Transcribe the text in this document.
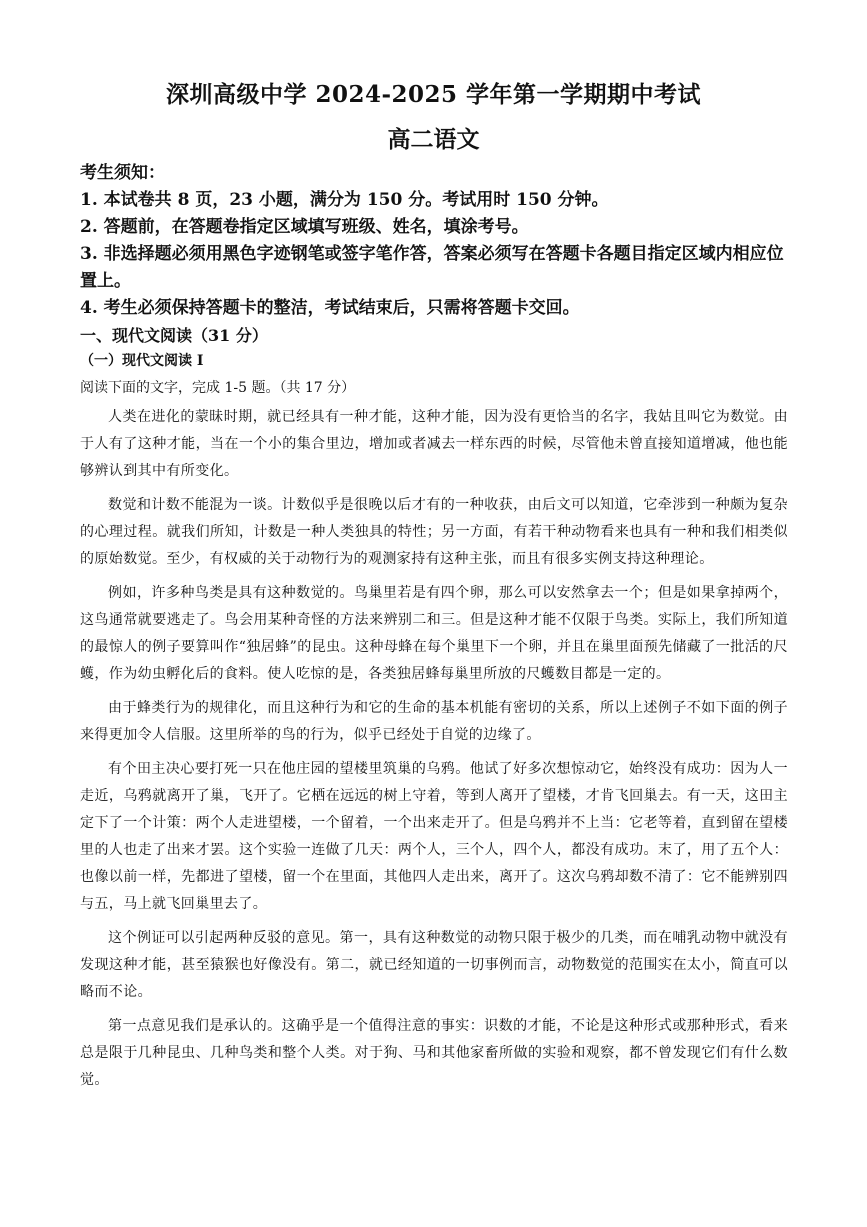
深圳高级中学 2024-2025 学年第一学期期中考试
高二语文

考生须知：

1. 本试卷共 8 页，23 小题，满分为 150 分。考试用时 150 分钟。

2. 答题前，在答题卷指定区域填写班级、姓名，填涂考号。

3. 非选择题必须用黑色字迹钢笔或签字笔作答，答案必须写在答题卡各题目指定区域内相应位置上。

4. 考生必须保持答题卡的整洁，考试结束后，只需将答题卡交回。

一、现代文阅读（31 分）
（一）现代文阅读 I
阅读下面的文字，完成 1-5 题。（共 17 分）

人类在进化的蒙昧时期，就已经具有一种才能，这种才能，因为没有更恰当的名字，我姑且叫它为数觉。由于人有了这种才能，当在一个小的集合里边，增加或者减去一样东西的时候，尽管他未曾直接知道增减，他也能够辨认到其中有所变化。

数觉和计数不能混为一谈。计数似乎是很晚以后才有的一种收获，由后文可以知道，它牵涉到一种颇为复杂的心理过程。就我们所知，计数是一种人类独具的特性；另一方面，有若干种动物看来也具有一种和我们相类似的原始数觉。至少，有权威的关于动物行为的观测家持有这种主张，而且有很多实例支持这种理论。

例如，许多种鸟类是具有这种数觉的。鸟巢里若是有四个卵，那么可以安然拿去一个；但是如果拿掉两个，这鸟通常就要逃走了。鸟会用某种奇怪的方法来辨别二和三。但是这种才能不仅限于鸟类。实际上，我们所知道的最惊人的例子要算叫作“独居蜂”的昆虫。这种母蜂在每个巢里下一个卵，并且在巢里面预先储藏了一批活的尺蠖，作为幼虫孵化后的食料。使人吃惊的是，各类独居蜂每巢里所放的尺蠖数目都是一定的。

由于蜂类行为的规律化，而且这种行为和它的生命的基本机能有密切的关系，所以上述例子不如下面的例子来得更加令人信服。这里所举的鸟的行为，似乎已经处于自觉的边缘了。

有个田主决心要打死一只在他庄园的望楼里筑巢的乌鸦。他试了好多次想惊动它，始终没有成功：因为人一走近，乌鸦就离开了巢，飞开了。它栖在远远的树上守着，等到人离开了望楼，才肯飞回巢去。有一天，这田主定下了一个计策：两个人走进望楼，一个留着，一个出来走开了。但是乌鸦并不上当：它老等着，直到留在望楼里的人也走了出来才罢。这个实验一连做了几天：两个人，三个人，四个人，都没有成功。末了，用了五个人：也像以前一样，先都进了望楼，留一个在里面，其他四人走出来，离开了。这次乌鸦却数不清了：它不能辨别四与五，马上就飞回巢里去了。

这个例证可以引起两种反驳的意见。第一，具有这种数觉的动物只限于极少的几类，而在哺乳动物中就没有发现这种才能，甚至猿猴也好像没有。第二，就已经知道的一切事例而言，动物数觉的范围实在太小，简直可以略而不论。

第一点意见我们是承认的。这确乎是一个值得注意的事实：识数的才能，不论是这种形式或那种形式，看来总是限于几种昆虫、几种鸟类和整个人类。对于狗、马和其他家畜所做的实验和观察，都不曾发现它们有什么数觉。
